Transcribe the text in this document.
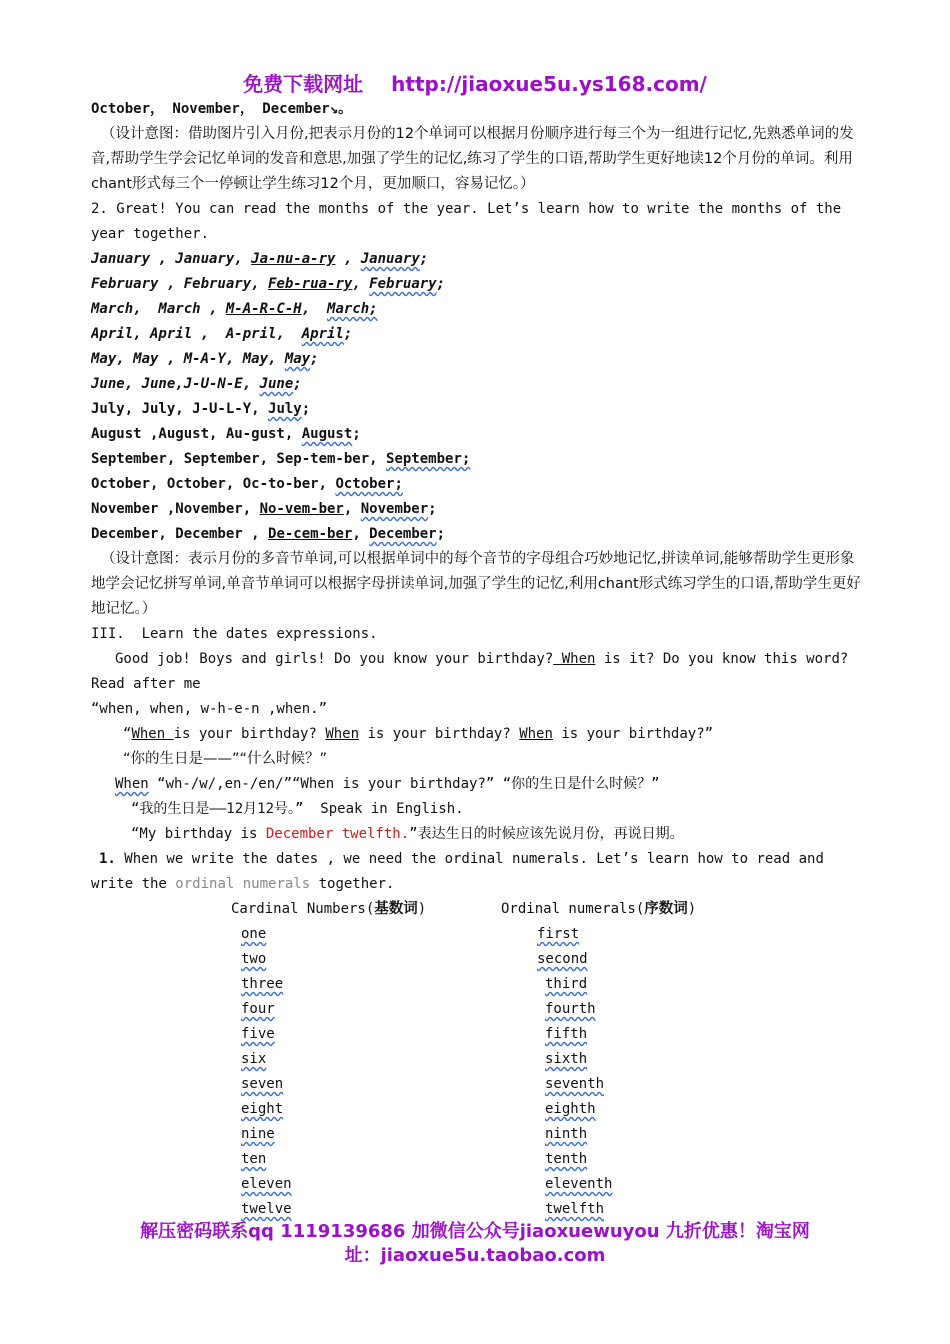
免费下载网址 http://jiaoxue5u.ys168.com/
October， November， December↘。
（设计意图：借助图片引入月份,把表示月份的12个单词可以根据月份顺序进行每三个为一组进行记忆,先熟悉单词的发音,帮助学生学会记忆单词的发音和意思,加强了学生的记忆,练习了学生的口语,帮助学生更好地读12个月份的单词。利用chant形式每三个一停顿让学生练习12个月，更加顺口，容易记忆。）
2. Great! You can read the months of the year. Let’s learn how to write the months of the year together.
January , January, Ja-nu-a-ry , January;
February , February, Feb-rua-ry, February;
March,  March , M-A-R-C-H,  March;
April, April ,  A-pril,  April;
May, May , M-A-Y, May, May;
June, June,J-U-N-E, June;
July, July, J-U-L-Y, July;
August ,August, Au-gust, August;
September, September, Sep-tem-ber, September;
October, October, Oc-to-ber, October;
November ,November, No-vem-ber, November;
December, December , De-cem-ber, December;
（设计意图：表示月份的多音节单词,可以根据单词中的每个音节的字母组合巧妙地记忆,拼读单词,能够帮助学生更形象地学会记忆拼写单词,单音节单词可以根据字母拼读单词,加强了学生的记忆,利用chant形式练习学生的口语,帮助学生更好地记忆。）
III.  Learn the dates expressions.
Good job! Boys and girls! Do you know your birthday? When is it? Do you know this word? Read after me
“when, when, w-h-e-n ,when.”
“When is your birthday? When is your birthday? When is your birthday?”
“你的生日是——”“什么时候？”
When “wh-/w/,en-/en/”“When is your birthday?” “你的生日是什么时候？”
“我的生日是——12月12号。”  Speak in English.
“My birthday is December twelfth.”表达生日的时候应该先说月份，再说日期。
1. When we write the dates , we need the ordinal numerals. Let’s learn how to read and write the ordinal numerals together.
Cardinal Numbers(基数词)	Ordinal numerals(序数词)
one	first
two	second
three	third
four	fourth
five	fifth
six	sixth
seven	seventh
eight	eighth
nine	ninth
ten	tenth
eleven	eleventh
twelve	twelfth
解压密码联系qq 1119139686 加微信公众号jiaoxuewuyou 九折优惠！淘宝网
址：jiaoxue5u.taobao.com
